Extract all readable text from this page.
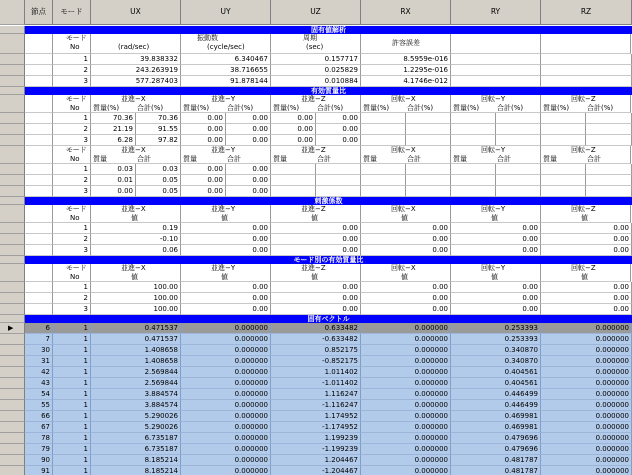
節点	モード	UX	UY	UZ	RX	RY	RZ
固有値解析
モード
No
振動数
(rad/sec)	(cycle/sec)
周期
(sec)	許容誤差
1	39.838332	6.340467	0.157717	8.5959e-016
2	243.263919	38.716655	0.025829	1.2295e-016
3	577.287403	91.878144	0.010884	4.1746e-012
有効質量比
モード
No
並進−X
質量(%)	合計(%)
並進−Y
質量(%)	合計(%)
並進−Z
質量(%)	合計(%)
回転−X
質量(%)	合計(%)
回転−Y
質量(%)	合計(%)
回転−Z
質量(%)	合計(%)
1	70.36	70.36	0.00	0.00	0.00	0.00
2	21.19	91.55	0.00	0.00	0.00	0.00
3	6.28	97.82	0.00	0.00	0.00	0.00
モード
No
並進−X
質量	合計
並進−Y
質量	合計
並進−Z
質量	合計
回転−X
質量	合計
回転−Y
質量	合計
回転−Z
質量	合計
1	0.03	0.03	0.00	0.00
2	0.01	0.05	0.00	0.00
3	0.00	0.05	0.00	0.00
刺激係数
モード
No
並進−X
値
並進−Y
値
並進−Z
値
回転−X
値
回転−Y
値
回転−Z
値
1	0.19	0.00	0.00	0.00	0.00	0.00
2	-0.10	0.00	0.00	0.00	0.00	0.00
3	0.06	0.00	0.00	0.00	0.00	0.00
モード別の有効質量比
モード
No
並進−X
値
並進−Y
値
並進−Z
値
回転−X
値
回転−Y
値
回転−Z
値
1	100.00	0.00	0.00	0.00	0.00	0.00
2	100.00	0.00	0.00	0.00	0.00	0.00
3	100.00	0.00	0.00	0.00	0.00	0.00
固有ベクトル
▶
6	1	0.471537	0.000000	0.633482	0.000000	0.253393	0.000000
7	1	0.471537	0.000000	-0.633482	0.000000	0.253393	0.000000
30	1	1.408658	0.000000	0.852175	0.000000	0.340870	0.000000
31	1	1.408658	0.000000	-0.852175	0.000000	0.340870	0.000000
42	1	2.569844	0.000000	1.011402	0.000000	0.404561	0.000000
43	1	2.569844	0.000000	-1.011402	0.000000	0.404561	0.000000
54	1	3.884574	0.000000	1.116247	0.000000	0.446499	0.000000
55	1	3.884574	0.000000	-1.116247	0.000000	0.446499	0.000000
66	1	5.290026	0.000000	1.174952	0.000000	0.469981	0.000000
67	1	5.290026	0.000000	-1.174952	0.000000	0.469981	0.000000
78	1	6.735187	0.000000	1.199239	0.000000	0.479696	0.000000
79	1	6.735187	0.000000	-1.199239	0.000000	0.479696	0.000000
90	1	8.185214	0.000000	1.204467	0.000000	0.481787	0.000000
91	1	8.185214	0.000000	-1.204467	0.000000	0.481787	0.000000
